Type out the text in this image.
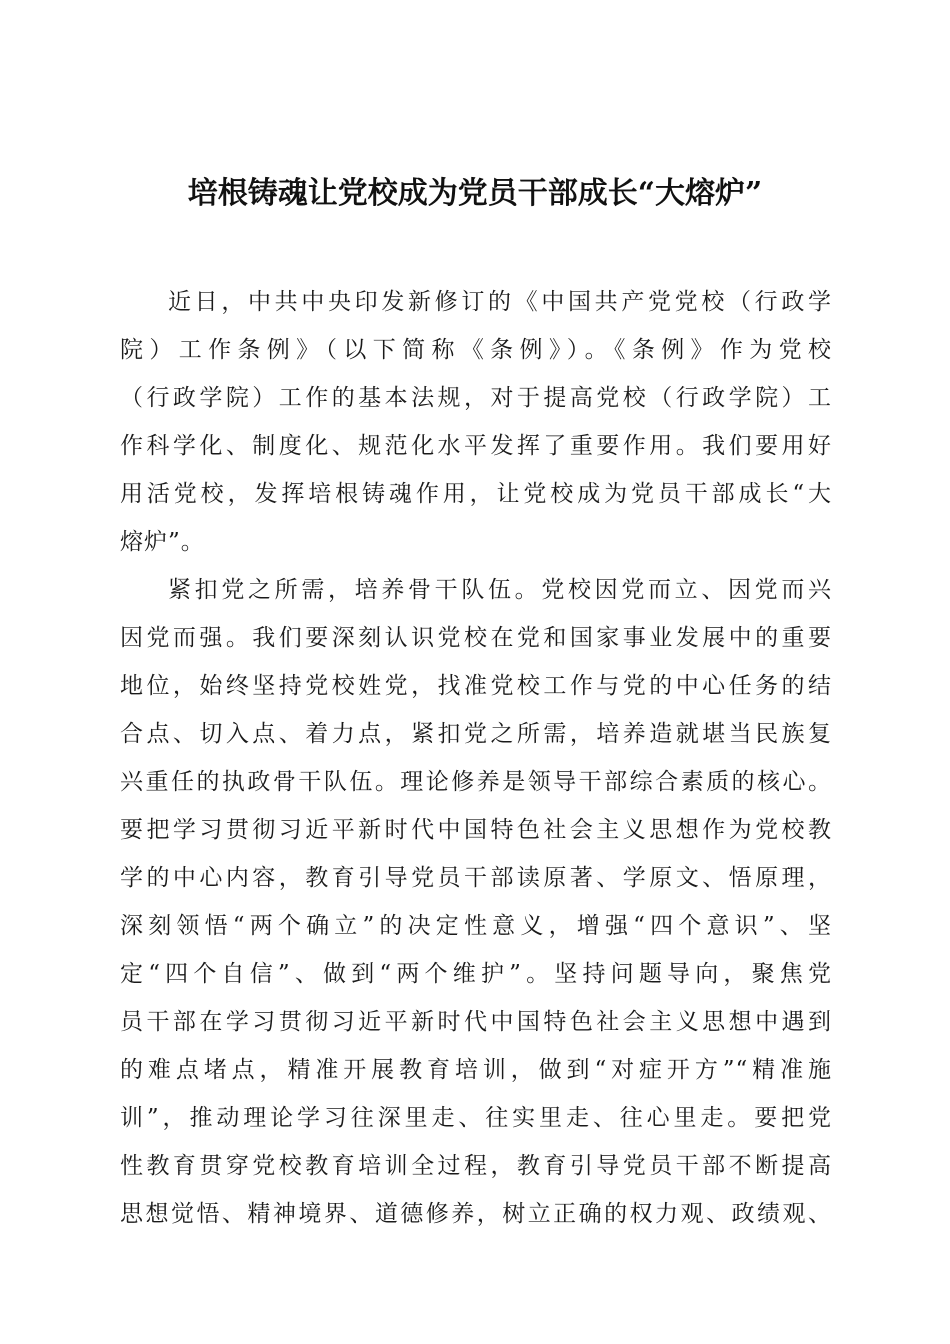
培根铸魂让党校成为党员干部成长“大熔炉”
近日，中共中央印发新修订的《中国共产党党校（行政学
院）工作条例》（以下简称《条例》）。《条例》作为党校
（行政学院）工作的基本法规，对于提高党校（行政学院）工
作科学化、制度化、规范化水平发挥了重要作用。我们要用好
用活党校，发挥培根铸魂作用，让党校成为党员干部成长“大
熔炉”。
紧扣党之所需，培养骨干队伍。党校因党而立、因党而兴
因党而强。我们要深刻认识党校在党和国家事业发展中的重要
地位，始终坚持党校姓党，找准党校工作与党的中心任务的结
合点、切入点、着力点，紧扣党之所需，培养造就堪当民族复
兴重任的执政骨干队伍。理论修养是领导干部综合素质的核心。
要把学习贯彻习近平新时代中国特色社会主义思想作为党校教
学的中心内容，教育引导党员干部读原著、学原文、悟原理，
深刻领悟“两个确立”的决定性意义，增强“四个意识”、坚
定“四个自信”、做到“两个维护”。坚持问题导向，聚焦党
员干部在学习贯彻习近平新时代中国特色社会主义思想中遇到
的难点堵点，精准开展教育培训，做到“对症开方”“精准施
训”，推动理论学习往深里走、往实里走、往心里走。要把党
性教育贯穿党校教育培训全过程，教育引导党员干部不断提高
思想觉悟、精神境界、道德修养，树立正确的权力观、政绩观、
